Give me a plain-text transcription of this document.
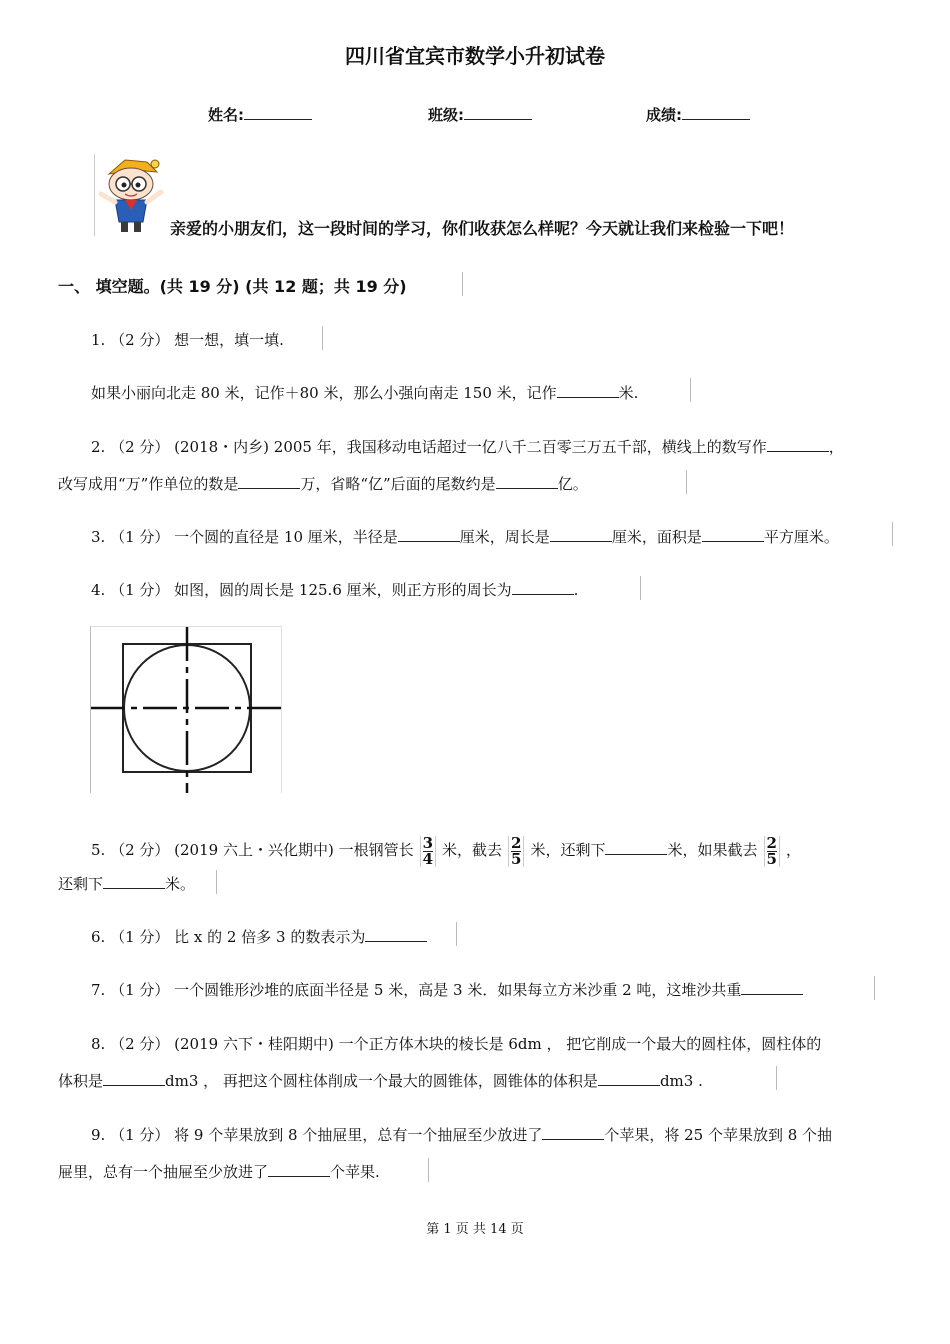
四川省宜宾市数学小升初试卷
姓名:	班级:	成绩:
亲爱的小朋友们，这一段时间的学习，你们收获怎么样呢？今天就让我们来检验一下吧！
一、 填空题。(共 19 分) (共 12 题；共 19 分)
1. （2 分） 想一想，填一填.
如果小丽向北走 80 米，记作＋80 米，那么小强向南走 150 米，记作	米.
2. （2 分） (2018・内乡) 2005 年，我国移动电话超过一亿八千二百零三万五千部，横线上的数写作	，
改写成用“万”作单位的数是	万，省略“亿”后面的尾数约是	亿。
3. （1 分） 一个圆的直径是 10 厘米，半径是	厘米，周长是	厘米，面积是	平方厘米。
4. （1 分） 如图，圆的周长是 125.6 厘米，则正方形的周长为	.
5. （2 分） (2019 六上・兴化期中) 一根钢管长 $\frac{3}{4}$ 米，截去 $\frac{2}{5}$ 米，还剩下	米，如果截去 $\frac{2}{5}$ ，
还剩下	米。
6. （1 分） 比 x 的 2 倍多 3 的数表示为
7. （1 分） 一个圆锥形沙堆的底面半径是 5 米，高是 3 米．如果每立方米沙重 2 吨，这堆沙共重
8. （2 分） (2019 六下・桂阳期中) 一个正方体木块的棱长是 6dm ， 把它削成一个最大的圆柱体，圆柱体的
体积是	dm3 ， 再把这个圆柱体削成一个最大的圆锥体，圆锥体的体积是	dm3 .
9. （1 分） 将 9 个苹果放到 8 个抽屉里，总有一个抽屉至少放进了	个苹果，将 25 个苹果放到 8 个抽
屉里，总有一个抽屉至少放进了	个苹果.
第 1 页 共 14 页
